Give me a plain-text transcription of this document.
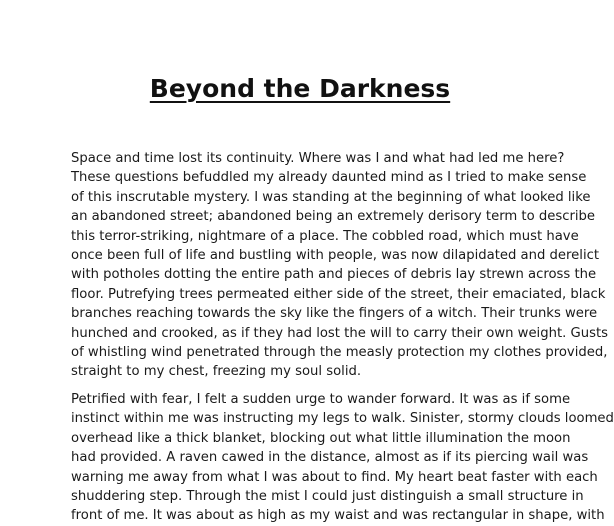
Beyond the Darkness
Space and time lost its continuity. Where was I and what had led me here?
These questions befuddled my already daunted mind as I tried to make sense
of this inscrutable mystery. I was standing at the beginning of what looked like
an abandoned street; abandoned being an extremely derisory term to describe
this terror-striking, nightmare of a place. The cobbled road, which must have
once been full of life and bustling with people, was now dilapidated and derelict
with potholes dotting the entire path and pieces of debris lay strewn across the
floor. Putrefying trees permeated either side of the street, their emaciated, black
branches reaching towards the sky like the fingers of a witch. Their trunks were
hunched and crooked, as if they had lost the will to carry their own weight. Gusts
of whistling wind penetrated through the measly protection my clothes provided,
straight to my chest, freezing my soul solid.
Petrified with fear, I felt a sudden urge to wander forward. It was as if some
instinct within me was instructing my legs to walk. Sinister, stormy clouds loomed
overhead like a thick blanket, blocking out what little illumination the moon
had provided. A raven cawed in the distance, almost as if its piercing wail was
warning me away from what I was about to find. My heart beat faster with each
shuddering step. Through the mist I could just distinguish a small structure in
front of me. It was about as high as my waist and was rectangular in shape, with
